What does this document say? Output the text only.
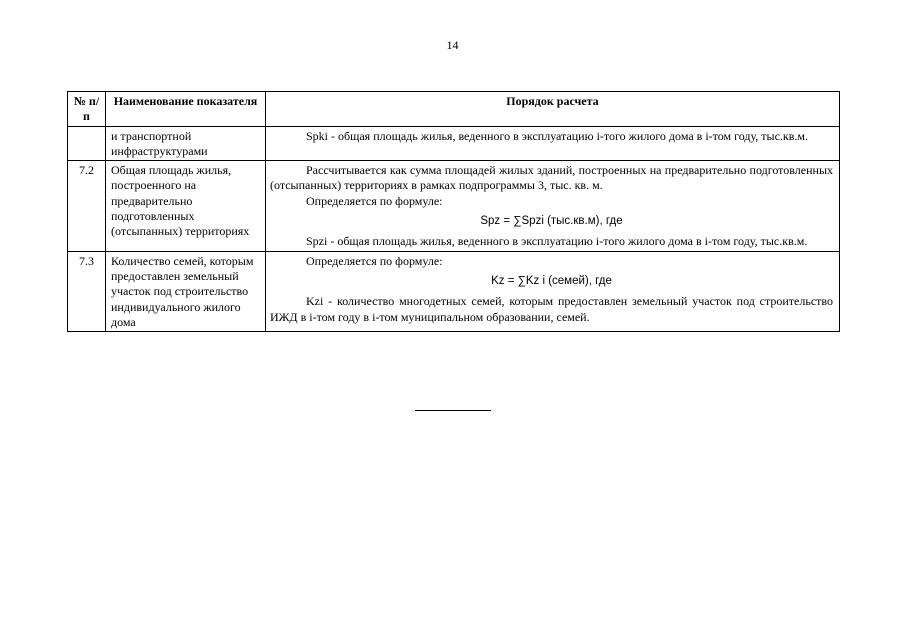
14
№ п/п	Наименование показателя	Порядок расчета
	и транспортной инфраструктурами	Spki - общая площадь жилья, веденного в эксплуатацию i-того жилого дома в i-том году, тыс.кв.м.

7.2	Общая площадь жилья, построенного на предварительно подготовленных (отсыпанных) территориях	Рассчитывается как сумма площадей жилых зданий, построенных на предварительно подготовленных (отсыпанных) территориях в рамках подпрограммы 3, тыс. кв. м.
Определяется по формуле:
Spz = ∑Spzi (тыс.кв.м), где
Spzi - общая площадь жилья, веденного в эксплуатацию i-того жилого дома в i-том году, тыс.кв.м.

7.3	Количество семей, которым предоставлен земельный участок под строительство индивидуального жилого дома	Определяется по формуле:
Kz = ∑Kz i (семей), где
Kzi - количество многодетных семей, которым предоставлен земельный участок под строительство ИЖД в i-том году в i-том муниципальном образовании, семей.
